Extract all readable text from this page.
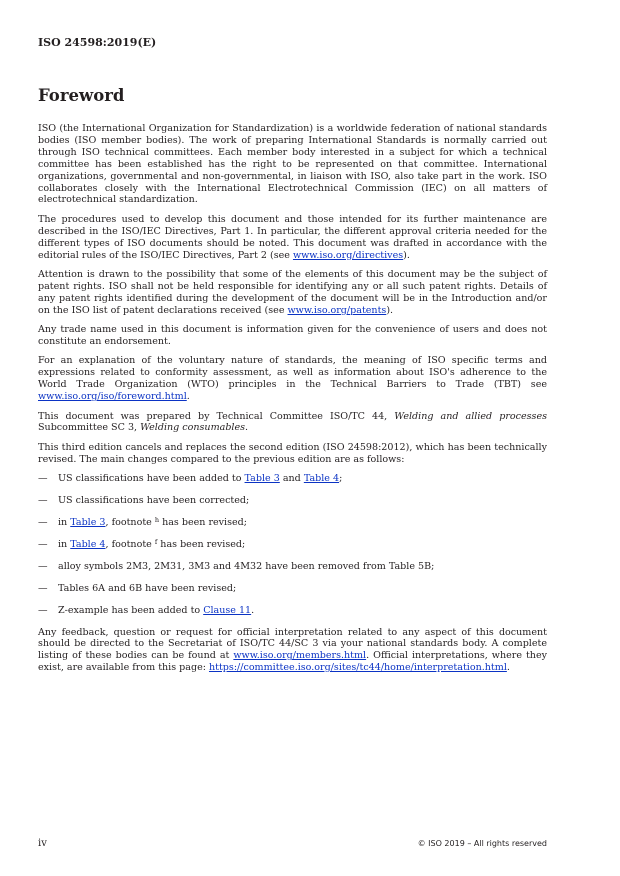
ISO 24598:2019(E)
Foreword

ISO (the International Organization for Standardization) is a worldwide federation of national standards bodies (ISO member bodies). The work of preparing International Standards is normally carried out through ISO technical committees. Each member body interested in a subject for which a technical committee has been established has the right to be represented on that committee. International organizations, governmental and non-governmental, in liaison with ISO, also take part in the work. ISO collaborates closely with the International Electrotechnical Commission (IEC) on all matters of electrotechnical standardization.

The procedures used to develop this document and those intended for its further maintenance are described in the ISO/IEC Directives, Part 1. In particular, the different approval criteria needed for the different types of ISO documents should be noted. This document was drafted in accordance with the editorial rules of the ISO/IEC Directives, Part 2 (see www.iso.org/directives).

Attention is drawn to the possibility that some of the elements of this document may be the subject of patent rights. ISO shall not be held responsible for identifying any or all such patent rights. Details of any patent rights identified during the development of the document will be in the Introduction and/or on the ISO list of patent declarations received (see www.iso.org/patents).

Any trade name used in this document is information given for the convenience of users and does not constitute an endorsement.

For an explanation of the voluntary nature of standards, the meaning of ISO specific terms and expressions related to conformity assessment, as well as information about ISO's adherence to the World Trade Organization (WTO) principles in the Technical Barriers to Trade (TBT) see www.iso.org/iso/foreword.html.

This document was prepared by Technical Committee ISO/TC 44, Welding and allied processes Subcommittee SC 3, Welding consumables.

This third edition cancels and replaces the second edition (ISO 24598:2012), which has been technically revised. The main changes compared to the previous edition are as follows:

—	US classifications have been added to Table 3 and Table 4;
—	US classifications have been corrected;
—	in Table 3, footnote $^h$ has been revised;
—	in Table 4, footnote $^f$ has been revised;
—	alloy symbols 2M3, 2M31, 3M3 and 4M32 have been removed from Table 5B;
—	Tables 6A and 6B have been revised;
—	Z-example has been added to Clause 11.

Any feedback, question or request for official interpretation related to any aspect of this document should be directed to the Secretariat of ISO/TC 44/SC 3 via your national standards body. A complete listing of these bodies can be found at www.iso.org/members.html. Official interpretations, where they exist, are available from this page: https://committee.iso.org/sites/tc44/home/interpretation.html.

iv	© ISO 2019 – All rights reserved
